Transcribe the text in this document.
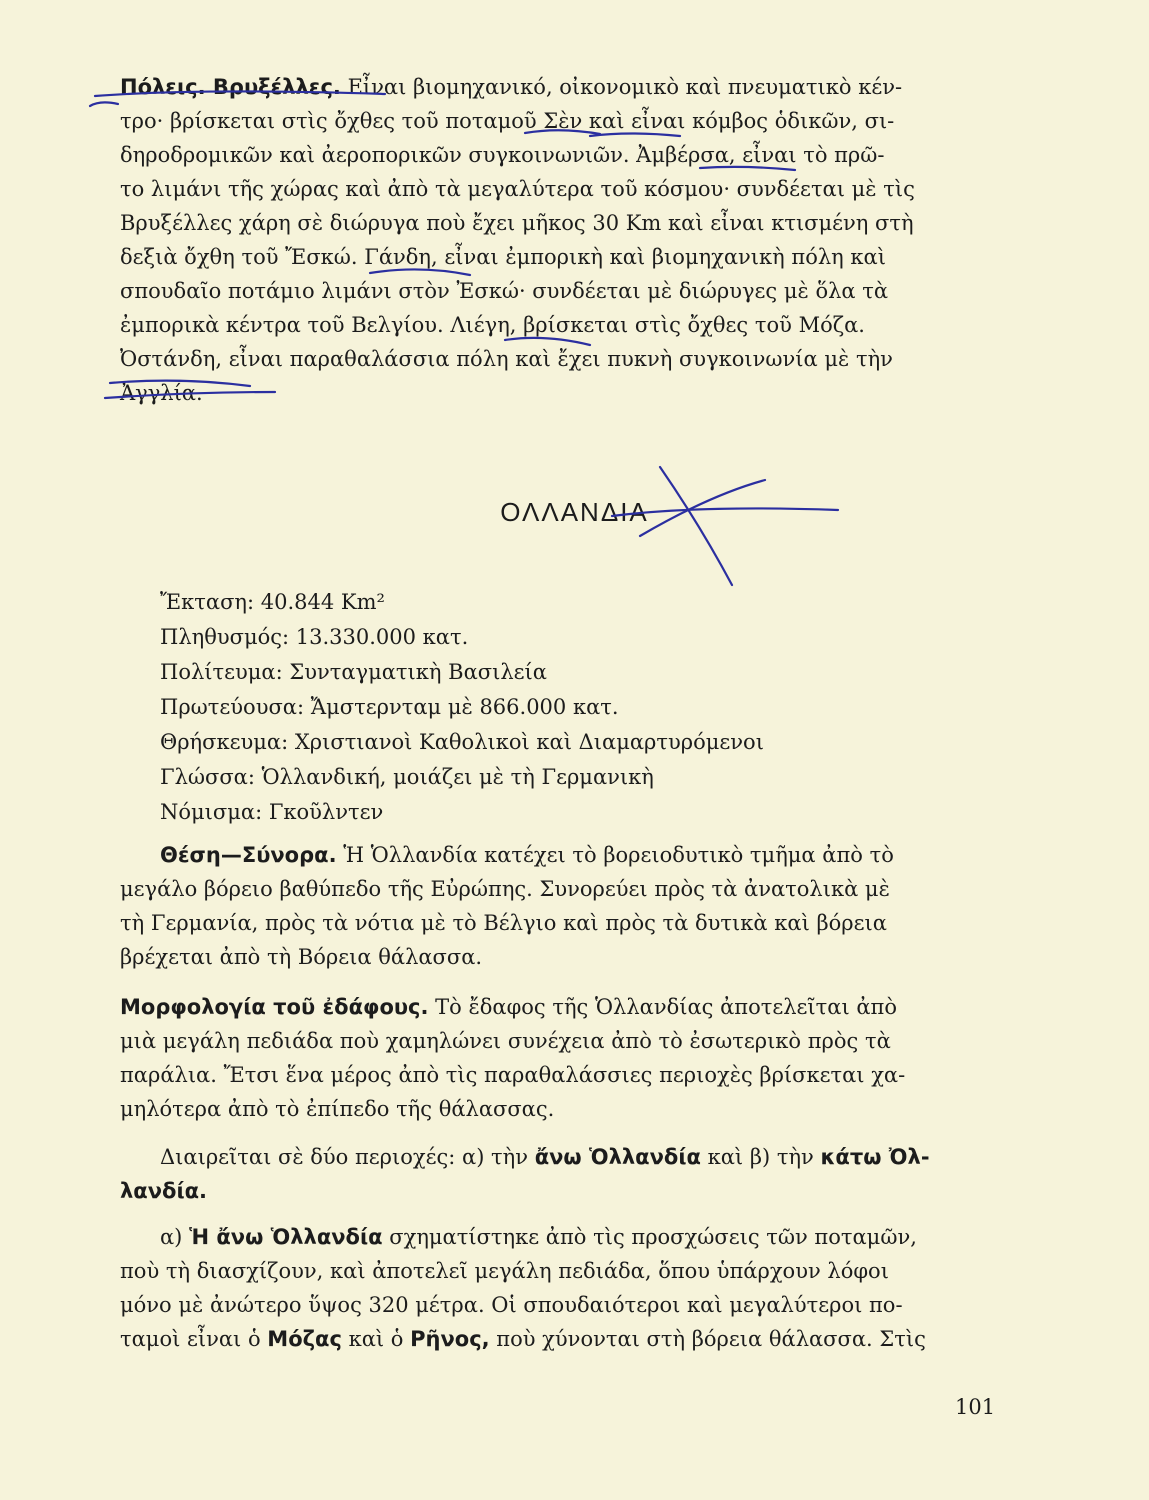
Πόλεις. Βρυξέλλες. Εἶναι βιομηχανικό, οἰκονομικὸ καὶ πνευματικὸ κέν-
τρο· βρίσκεται στὶς ὄχθες τοῦ ποταμοῦ Σὲν καὶ εἶναι κόμβος ὁδικῶν, σι-
δηροδρομικῶν καὶ ἀεροπορικῶν συγκοινωνιῶν. Ἀμβέρσα, εἶναι τὸ πρῶ-
το λιμάνι τῆς χώρας καὶ ἀπὸ τὰ μεγαλύτερα τοῦ κόσμου· συνδέεται μὲ τὶς
Βρυξέλλες χάρη σὲ διώρυγα ποὺ ἔχει μῆκος 30 Km καὶ εἶναι κτισμένη στὴ
δεξιὰ ὄχθη τοῦ Ἔσκώ. Γάνδη, εἶναι ἐμπορικὴ καὶ βιομηχανικὴ πόλη καὶ
σπουδαῖο ποτάμιο λιμάνι στὸν Ἐσκώ· συνδέεται μὲ διώρυγες μὲ ὅλα τὰ
ἐμπορικὰ κέντρα τοῦ Βελγίου. Λιέγη, βρίσκεται στὶς ὄχθες τοῦ Μόζα.
Ὀστάνδη, εἶναι παραθαλάσσια πόλη καὶ ἔχει πυκνὴ συγκοινωνία μὲ τὴν
Ἀγγλία.
ΟΛΛΑΝΔΙΑ
Ἔκταση: 40.844 Km²
Πληθυσμός: 13.330.000 κατ.
Πολίτευμα: Συνταγματικὴ Βασιλεία
Πρωτεύουσα: Ἄμστερνταμ μὲ 866.000 κατ.
Θρήσκευμα: Χριστιανοὶ Καθολικοὶ καὶ Διαμαρτυρόμενοι
Γλώσσα: Ὁλλανδική, μοιάζει μὲ τὴ Γερμανικὴ
Νόμισμα: Γκοῦλντεν
Θέση—Σύνορα. Ἡ Ὁλλανδία κατέχει τὸ βορειοδυτικὸ τμῆμα ἀπὸ τὸ
μεγάλο βόρειο βαθύπεδο τῆς Εὐρώπης. Συνορεύει πρὸς τὰ ἀνατολικὰ μὲ
τὴ Γερμανία, πρὸς τὰ νότια μὲ τὸ Βέλγιο καὶ πρὸς τὰ δυτικὰ καὶ βόρεια
βρέχεται ἀπὸ τὴ Βόρεια θάλασσα.
Μορφολογία τοῦ ἐδάφους. Τὸ ἔδαφος τῆς Ὁλλανδίας ἀποτελεῖται ἀπὸ
μιὰ μεγάλη πεδιάδα ποὺ χαμηλώνει συνέχεια ἀπὸ τὸ ἐσωτερικὸ πρὸς τὰ
παράλια. Ἔτσι ἕνα μέρος ἀπὸ τὶς παραθαλάσσιες περιοχὲς βρίσκεται χα-
μηλότερα ἀπὸ τὸ ἐπίπεδο τῆς θάλασσας.
Διαιρεῖται σὲ δύο περιοχές: α) τὴν ἄνω Ὁλλανδία καὶ β) τὴν κάτω Ὀλ-
λανδία.
α) Ἡ ἄνω Ὁλλανδία σχηματίστηκε ἀπὸ τὶς προσχώσεις τῶν ποταμῶν,
ποὺ τὴ διασχίζουν, καὶ ἀποτελεῖ μεγάλη πεδιάδα, ὅπου ὑπάρχουν λόφοι
μόνο μὲ ἀνώτερο ὕψος 320 μέτρα. Οἱ σπουδαιότεροι καὶ μεγαλύτεροι πο-
ταμοὶ εἶναι ὁ Μόζας καὶ ὁ Ρῆνος, ποὺ χύνονται στὴ βόρεια θάλασσα. Στὶς
101
